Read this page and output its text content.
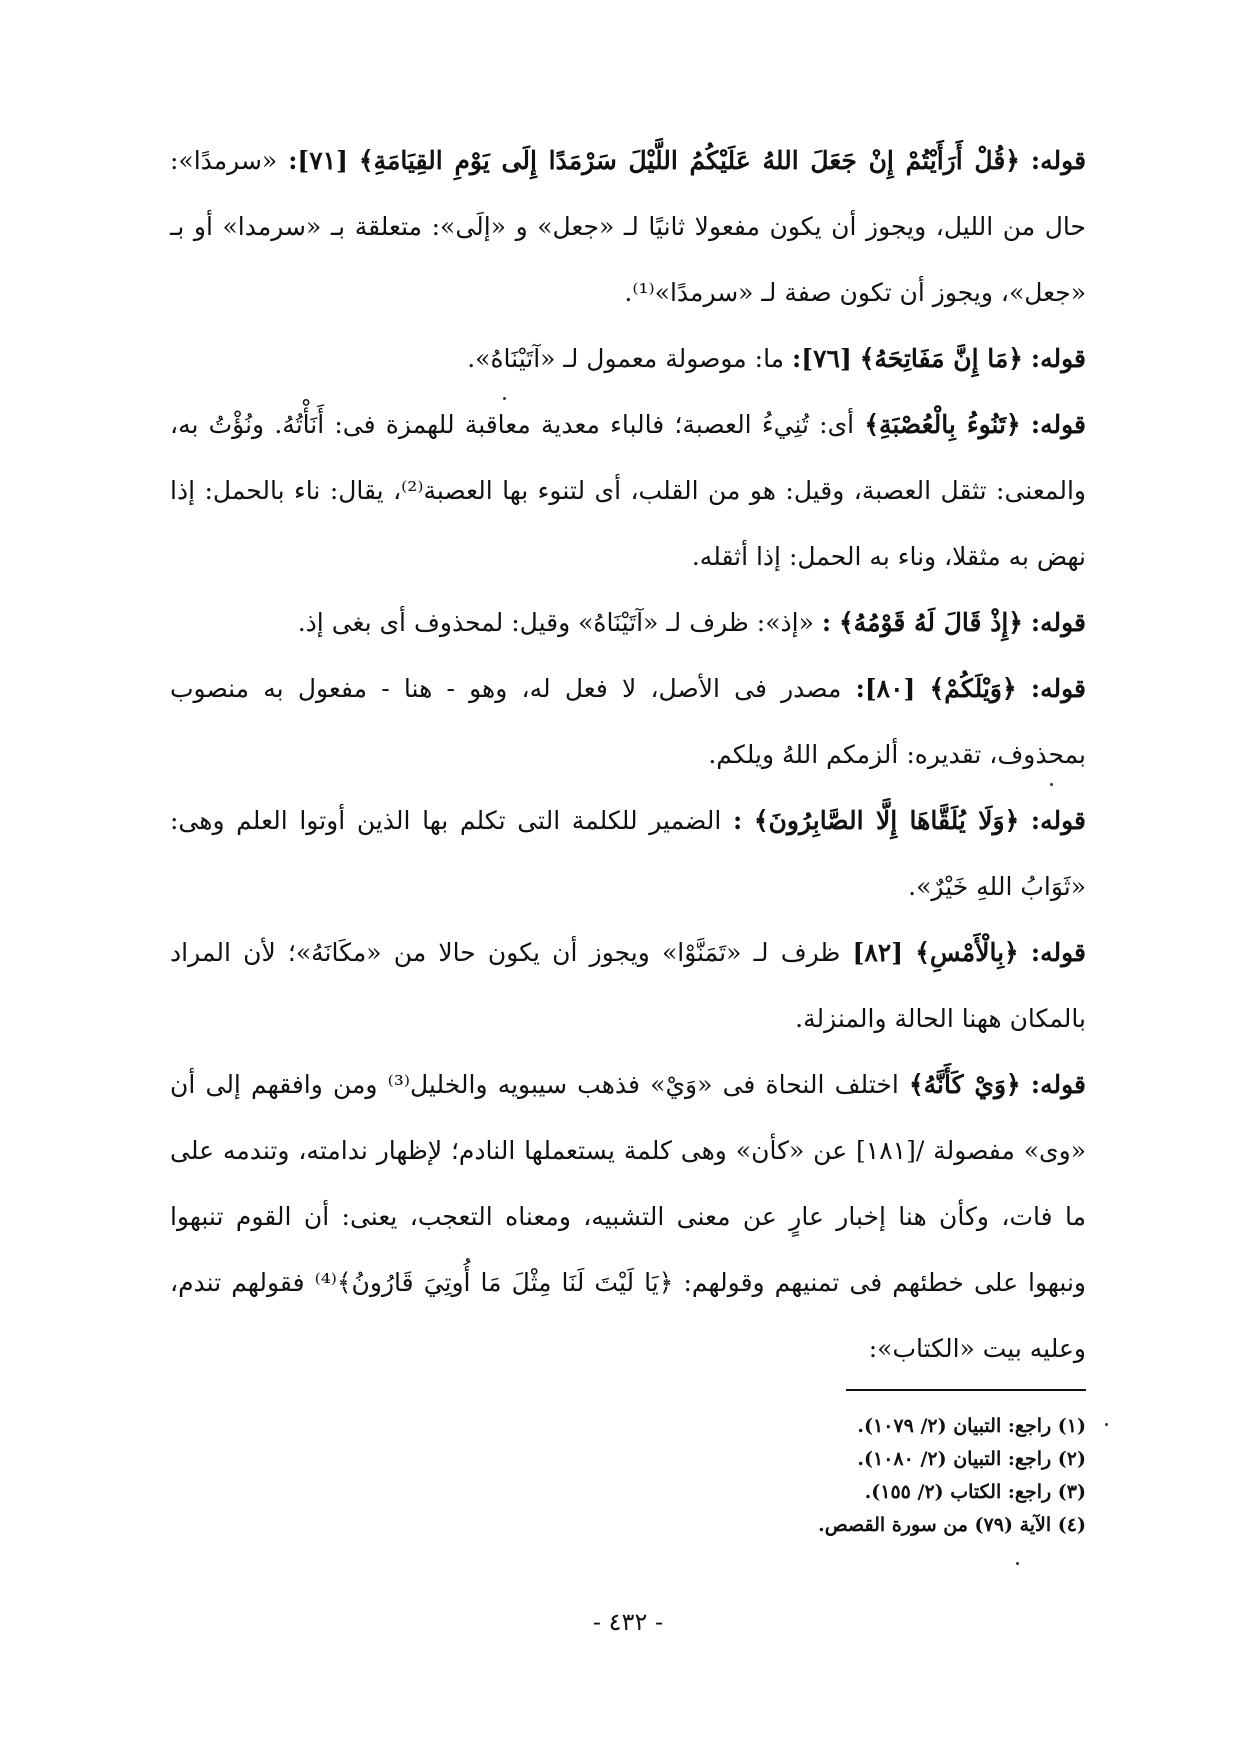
قوله: ﴿قُلْ أَرَأَيْتُمْ إِنْ جَعَلَ اللهُ عَلَيْكُمُ اللَّيْلَ سَرْمَدًا إِلَى يَوْمِ القِيَامَةِ﴾ [٧١]: «سرمدًا»: حال من الليل، ويجوز أن يكون مفعولا ثانيًا لـ «جعل» و «إلَى»: متعلقة بـ «سرمدا» أو بـ «جعل»، ويجوز أن تكون صفة لـ «سرمدًا»⁽¹⁾.

قوله: ﴿مَا إِنَّ مَفَاتِحَهُ﴾ [٧٦]: ما: موصولة معمول لـ «آتَيْنَاهُ».

قوله: ﴿تَنُوءُ بِالْعُصْبَةِ﴾ أى: تُنِيءُ العصبة؛ فالباء معدية معاقبة للهمزة فى: أَنَأْتُهُ. ونُؤْتُ به، والمعنى: تثقل العصبة، وقيل: هو من القلب، أى لتنوء بها العصبة⁽²⁾، يقال: ناء بالحمل: إذا نهض به مثقلا، وناء به الحمل: إذا أثقله.

قوله: ﴿إِذْ قَالَ لَهُ قَوْمُهُ﴾ : «إذ»: ظرف لـ «آتَيْنَاهُ» وقيل: لمحذوف أى بغى إذ.

قوله: ﴿وَيْلَكُمْ﴾ [٨٠]: مصدر فى الأصل، لا فعل له، وهو - هنا - مفعول به منصوب بمحذوف، تقديره: ألزمكم اللهُ ويلكم.

قوله: ﴿وَلَا يُلَقَّاهَا إِلَّا الصَّابِرُونَ﴾ : الضمير للكلمة التى تكلم بها الذين أوتوا العلم وهى: «ثَوَابُ اللهِ خَيْرٌ».

قوله: ﴿بِالْأَمْسِ﴾ [٨٢] ظرف لـ «تَمَنَّوْا» ويجوز أن يكون حالا من «مكَانَهُ»؛ لأن المراد بالمكان ههنا الحالة والمنزلة.

قوله: ﴿وَيْ كَأَنَّهُ﴾ اختلف النحاة فى «وَيْ» فذهب سيبويه والخليل⁽³⁾ ومن وافقهم إلى أن «وى» مفصولة /[١٨١] عن «كأن» وهى كلمة يستعملها النادم؛ لإظهار ندامته، وتندمه على ما فات، وكأن هنا إخبار عارٍ عن معنى التشبيه، ومعناه التعجب، يعنى: أن القوم تنبهوا ونبهوا على خطئهم فى تمنيهم وقولهم: ﴿يَا لَيْتَ لَنَا مِثْلَ مَا أُوتِيَ قَارُونُ﴾⁽⁴⁾ فقولهم تندم، وعليه بيت «الكتاب»:

(١) راجع: التبيان (٢/ ١٠٧٩).
(٢) راجع: التبيان (٢/ ١٠٨٠).
(٣) راجع: الكتاب (٢/ ١٥٥).
(٤) الآية (٧٩) من سورة القصص.
- ٤٣٢ -
